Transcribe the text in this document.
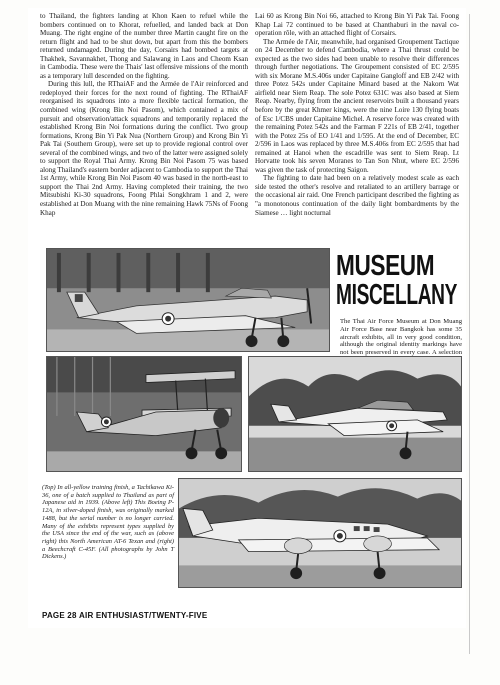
to Thailand, the fighters landing at Khon Kaen to refuel while the bombers continued on to Khorat, refuelled, and landed back at Don Muang. The right engine of the number three Martin caught fire on the return flight and had to be shut down, but apart from this the bombers returned undamaged. During the day, Corsairs had bombed targets at Thakhek, Savannakhet, Thong and Salawang in Laos and Cheom Ksan in Cambodia. These were the Thais' last offensive missions of the month as a temporary lull descended on the fighting.

During this lull, the RThaiAF and the Armée de l'Air reinforced and redeployed their forces for the next round of fighting. The RThaiAF reorganised its squadrons into a more flexible tactical formation, the combined wing (Krong Bin Noi Pasom), which contained a mix of pursuit and observation/attack squadrons and temporarily replaced the established Krong Bin Noi formations during the conflict. Two group formations, Krong Bin Yi Pak Nua (Northern Group) and Krong Bin Yi Pak Tai (Southern Group), were set up to provide regional control over several of the combined wings, and two of the latter were assigned solely to support the Royal Thai Army. Krong Bin Noi Pasom 75 was based along Thailand's eastern border adjacent to Cambodia to support the Thai 1st Army, while Krong Bin Noi Pasom 40 was based in the north-east to support the Thai 2nd Army. Having completed their training, the two Mitsubishi Ki-30 squadrons, Foong Phlai Songkhram 1 and 2, were established at Don Muang with the nine remaining Hawk 75Ns of Foong Khap

Lai 60 as Krong Bin Noi 66, attached to Krong Bin Yi Pak Tai. Foong Khap Lai 72 continued to be based at Chanthaburi in the naval co-operation rôle, with an attached flight of Corsairs.

The Armée de l'Air, meanwhile, had organised Groupement Tactique on 24 December to defend Cambodia, where a Thai thrust could be expected as the two sides had been unable to resolve their differences through further negotiations. The Groupement consisted of EC 2/595 with six Morane M.S.406s under Capitaine Gangloff and EB 2/42 with three Potez 542s under Capitaine Minard based at the Nakorn Wat airfield near Siem Reap. The sole Potez 631C was also based at Siem Reap. Nearby, flying from the ancient reservoirs built a thousand years before by the great Khmer kings, were the nine Loire 130 flying boats of Esc 1/CBS under Capitaine Michel. A reserve force was created with the remaining Potez 542s and the Farman F 221s of EB 2/41, together with the Potez 25s of EO 1/41 and 1/595. At the end of December, EC 2/596 in Laos was replaced by three M.S.406s from EC 2/595 that had remained at Hanoi when the escadrille was sent to Siem Reap. Lt Horvatte took his seven Moranes to Tan Son Nhut, where EC 2/596 was given the task of protecting Saigon.

The fighting to date had been on a relatively modest scale as each side tested the other's resolve and retaliated to an artillery barrage or the occasional air raid. One French participant described the fighting as "a monotonous continuation of the daily light bombardments by the Siamese … light nocturnal

MUSEUM
MISCELLANY

The Thai Air Force Museum at Don Muang Air Force Base near Bangkok has some 35 aircraft exhibits, all in very good condition, although the original identity markings have not been preserved in every case. A selection

(Top) In all-yellow training finish, a Tachikawa Ki-36, one of a batch supplied to Thailand as part of Japanese aid in 1939. (Above left) This Boeing P-12A, in silver-doped finish, was originally marked 1488, but the serial number is no longer carried. Many of the exhibits represent types supplied by the USA since the end of the war, such as (above right) this North American AT-6 Texan and (right) a Beechcraft C-45F. (All photographs by John T Dickens.)

PAGE 28 AIR ENTHUSIAST/TWENTY-FIVE
